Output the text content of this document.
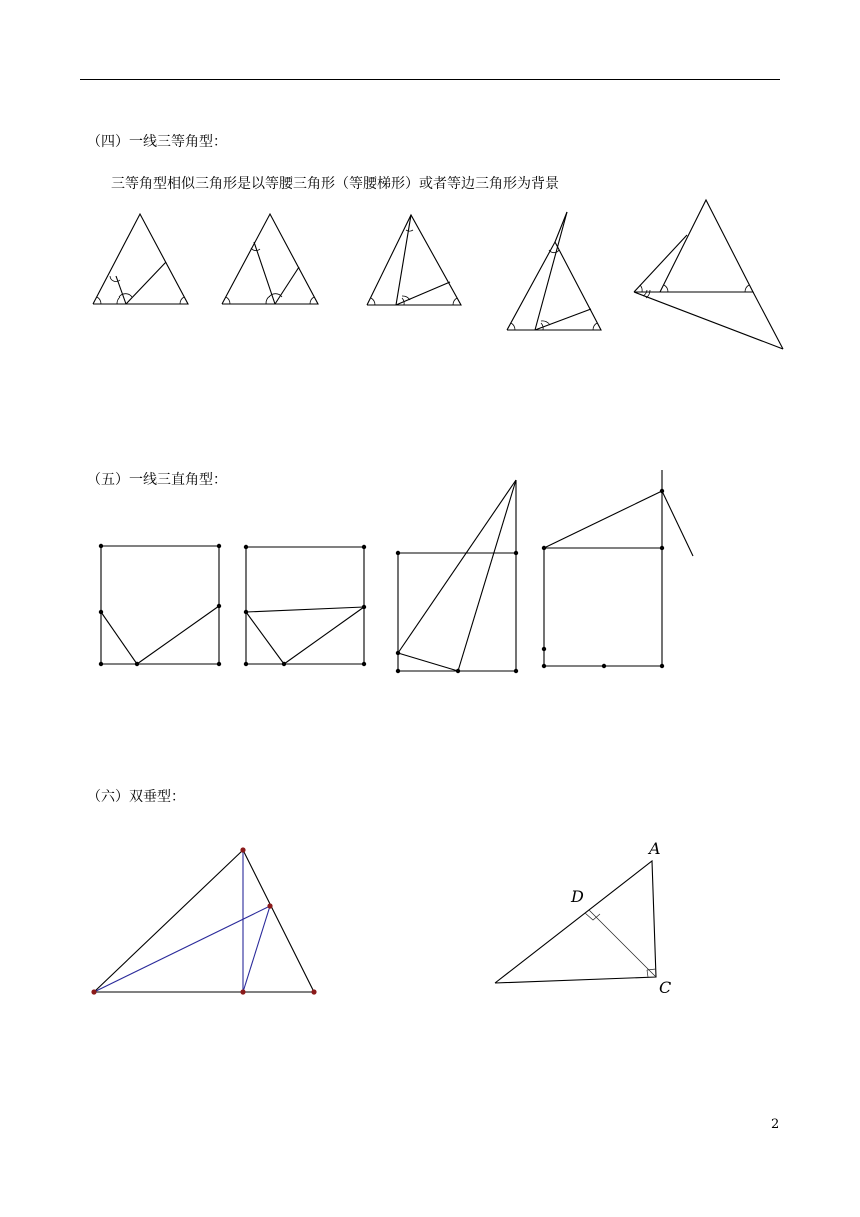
（四）一线三等角型：
三等角型相似三角形是以等腰三角形（等腰梯形）或者等边三角形为背景
（五）一线三直角型：
（六）双垂型：
A
D
C
2
